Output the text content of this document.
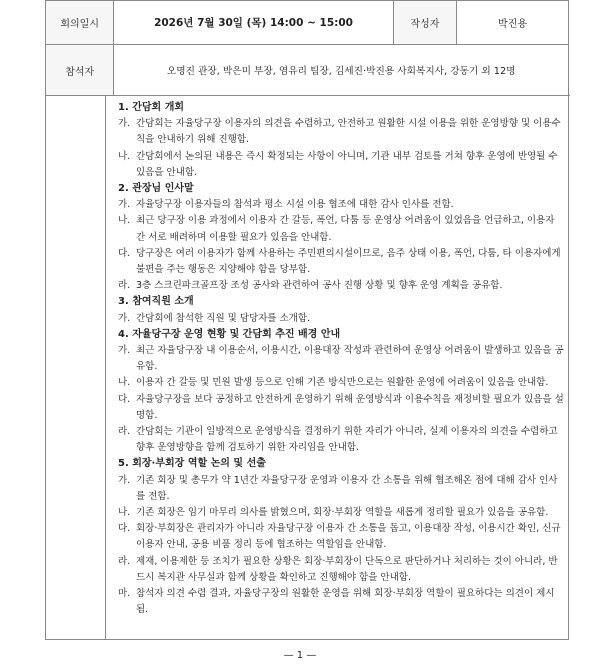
회의일시	2026년 7월 30일 (목) 14:00 ~ 15:00	작성자	박진용
참석자	오명진 관장, 박은미 부장, 염유리 팀장, 김세진·박진용 사회복지사, 강동기 외 12명		
1. 간담회 개회
가. 간담회는 자율당구장 이용자의 의견을 수렴하고, 안전하고 원활한 시설 이용을 위한 운영방향 및 이용수칙을 안내하기 위해 진행함.
나. 간담회에서 논의된 내용은 즉시 확정되는 사항이 아니며, 기관 내부 검토를 거쳐 향후 운영에 반영될 수 있음을 안내함.
2. 관장님 인사말
가. 자율당구장 이용자들의 참석과 평소 시설 이용 협조에 대한 감사 인사를 전함.
나. 최근 당구장 이용 과정에서 이용자 간 갈등, 폭언, 다툼 등 운영상 어려움이 있었음을 언급하고, 이용자 간 서로 배려하며 이용할 필요가 있음을 안내함.
다. 당구장은 여러 이용자가 함께 사용하는 주민편의시설이므로, 음주 상태 이용, 폭언, 다툼, 타 이용자에게 불편을 주는 행동은 지양해야 함을 당부함.
라. 3층 스크린파크골프장 조성 공사와 관련하여 공사 진행 상황 및 향후 운영 계획을 공유함.
3. 참여직원 소개
가. 간담회에 참석한 직원 및 담당자를 소개함.
4. 자율당구장 운영 현황 및 간담회 추진 배경 안내
가. 최근 자율당구장 내 이용순서, 이용시간, 이용대장 작성과 관련하여 운영상 어려움이 발생하고 있음을 공유함.
나. 이용자 간 갈등 및 민원 발생 등으로 인해 기존 방식만으로는 원활한 운영에 어려움이 있음을 안내함.
다. 자율당구장을 보다 공정하고 안전하게 운영하기 위해 운영방식과 이용수칙을 재정비할 필요가 있음을 설명함.
라. 간담회는 기관이 일방적으로 운영방식을 결정하기 위한 자리가 아니라, 실제 이용자의 의견을 수렴하고 향후 운영방향을 함께 검토하기 위한 자리임을 안내함.
5. 회장·부회장 역할 논의 및 선출
가. 기존 회장 및 총무가 약 1년간 자율당구장 운영과 이용자 간 소통을 위해 협조해온 점에 대해 감사 인사를 전함.
나. 기존 회장은 임기 마무리 의사를 밝혔으며, 회장·부회장 역할을 새롭게 정리할 필요가 있음을 공유함.
다. 회장·부회장은 관리자가 아니라 자율당구장 이용자 간 소통을 돕고, 이용대장 작성, 이용시간 확인, 신규 이용자 안내, 공용 비품 정리 등에 협조하는 역할임을 안내함.
라. 제재, 이용제한 등 조치가 필요한 상황은 회장·부회장이 단독으로 판단하거나 처리하는 것이 아니라, 반드시 복지관 사무실과 함께 상황을 확인하고 진행해야 함을 안내함.
마. 참석자 의견 수렴 결과, 자율당구장의 원활한 운영을 위해 회장·부회장 역할이 필요하다는 의견이 제시됨.
— 1 —
